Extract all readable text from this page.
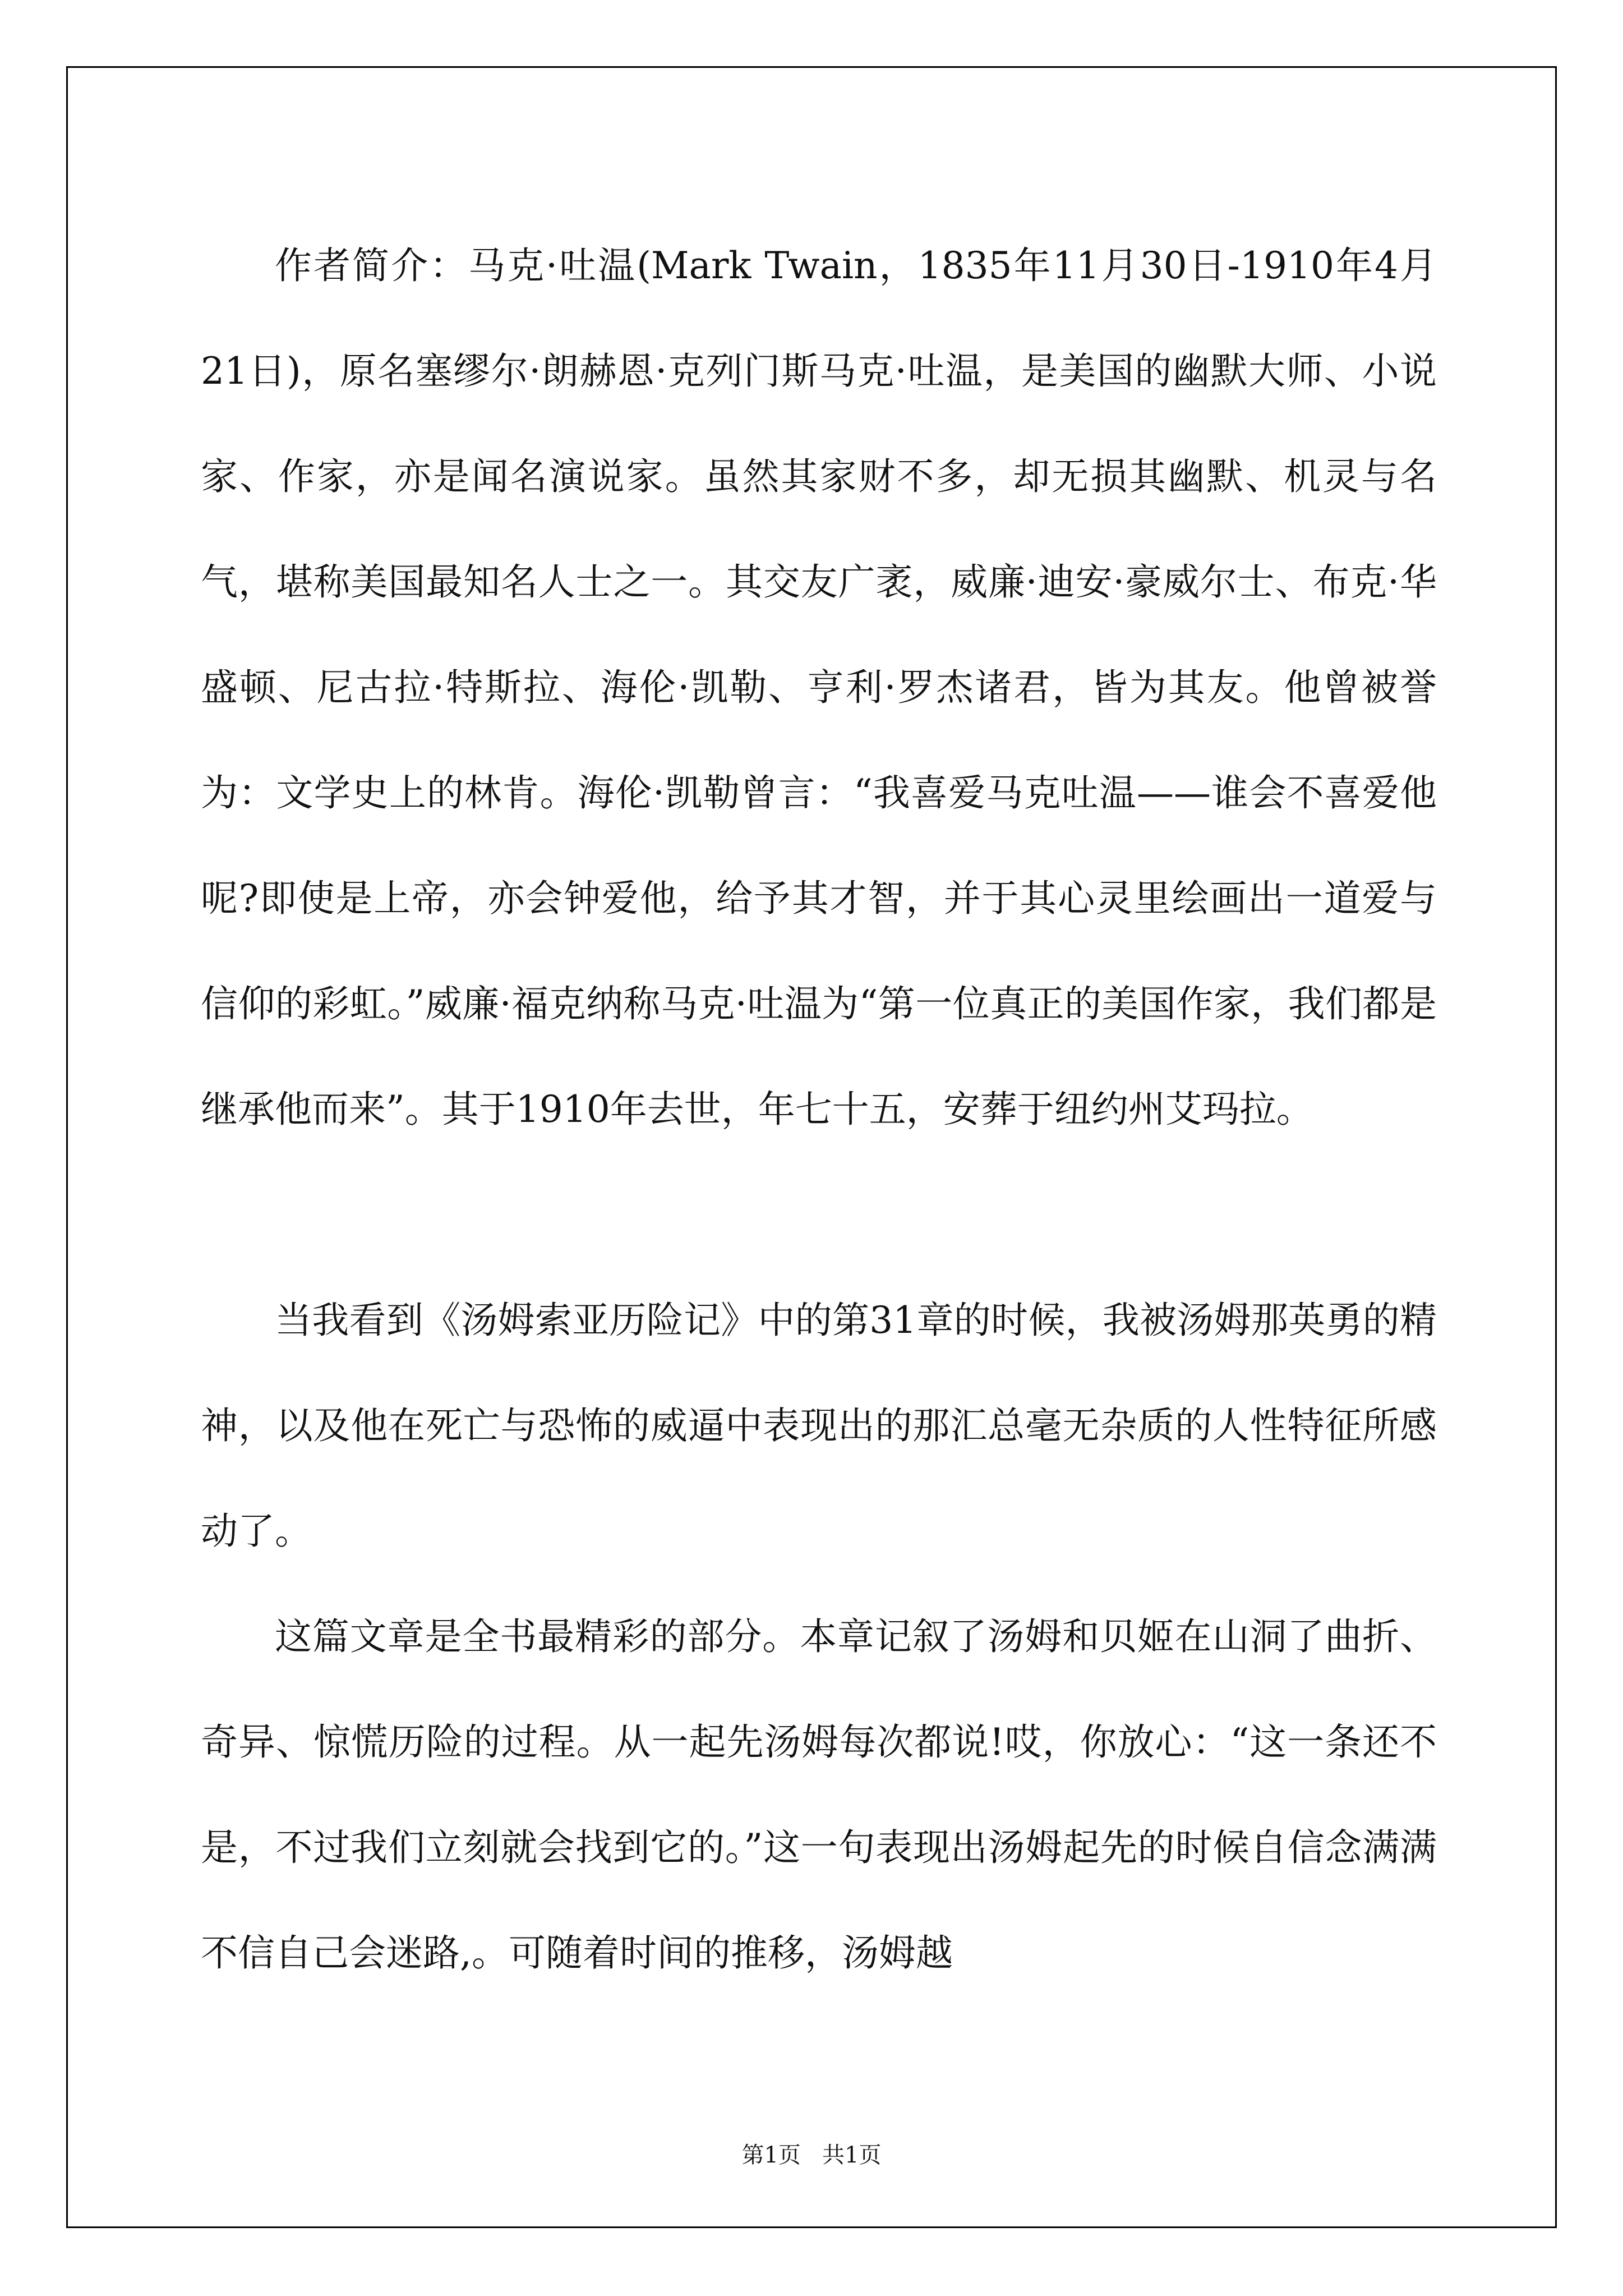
作者简介：马克·吐温(Mark Twain，1835年11月30日-1910年4月21日)，原名塞缪尔·朗赫恩·克列门斯马克·吐温，是美国的幽默大师、小说家、作家，亦是闻名演说家。虽然其家财不多，却无损其幽默、机灵与名气，堪称美国最知名人士之一。其交友广袤，威廉·迪安·豪威尔士、布克·华盛顿、尼古拉·特斯拉、海伦·凯勒、亨利·罗杰诸君，皆为其友。他曾被誉为：文学史上的林肯。海伦·凯勒曾言：“我喜爱马克吐温——谁会不喜爱他呢?即使是上帝，亦会钟爱他，给予其才智，并于其心灵里绘画出一道爱与信仰的彩虹。”威廉·福克纳称马克·吐温为“第一位真正的美国作家，我们都是继承他而来”。其于1910年去世，年七十五，安葬于纽约州艾玛拉。

当我看到《汤姆索亚历险记》中的第31章的时候，我被汤姆那英勇的精神，以及他在死亡与恐怖的威逼中表现出的那汇总毫无杂质的人性特征所感动了。

这篇文章是全书最精彩的部分。本章记叙了汤姆和贝姬在山洞了曲折、奇异、惊慌历险的过程。从一起先汤姆每次都说!哎，你放心：“这一条还不是，不过我们立刻就会找到它的。”这一句表现出汤姆起先的时候自信念满满不信自己会迷路,。可随着时间的推移，汤姆越

第1页   共1页
